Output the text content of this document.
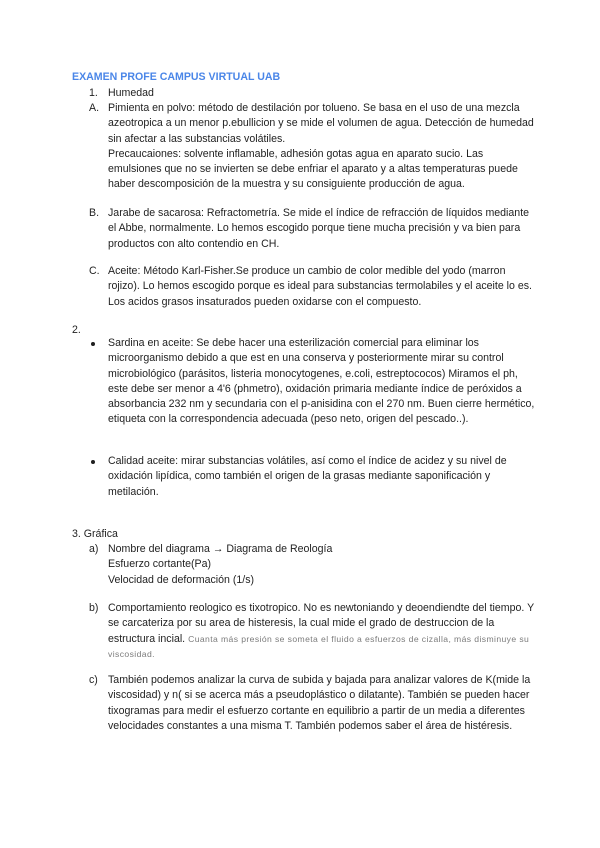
EXAMEN PROFE CAMPUS VIRTUAL UAB
1. Humedad
A. Pimienta en polvo: método de destilación por tolueno. Se basa en el uso de una mezcla azeotropica a un menor p.ebullicion y se mide el volumen de agua. Detección de humedad sin afectar a las substancias volátiles.

Precaucaiones: solvente inflamable, adhesión gotas agua en aparato sucio. Las emulsiones que no se invierten se debe enfriar el aparato y a altas temperaturas puede haber descomposición de la muestra y su consiguiente producción de agua.

B. Jarabe de sacarosa: Refractometría. Se mide el índice de refracción de líquidos mediante el Abbe, normalmente. Lo hemos escogido porque tiene mucha precisión y va bien para productos con alto contendio en CH.
C. Aceite: Método Karl-Fisher.Se produce un cambio de color medible del yodo (marron rojizo). Lo hemos escogido porque es ideal para substancias termolabiles y el aceite lo es. Los acidos grasos insaturados pueden oxidarse con el compuesto.
2.
Sardina en aceite: Se debe hacer una esterilización comercial para eliminar los microorganismo debido a que est en una conserva y posteriormente mirar su control microbiológico (parásitos, listeria monocytogenes, e.coli, estreptococos) Miramos el ph, este debe ser menor a 4'6 (phmetro), oxidación primaria mediante índice de peróxidos a absorbancia 232 nm y secundaria con el p-anisidina con el 270 nm. Buen cierre hermético, etiqueta con la correspondencia adecuada (peso neto, origen del pescado..).
Calidad aceite: mirar substancias volátiles, así como el índice de acidez y su nivel de oxidación lipídica, como también el origen de la grasas mediante saponificación y metilación.
3. Gráfica
a) Nombre del diagrama → Diagrama de Reología

Esfuerzo cortante(Pa)

Velocidad de deformación (1/s)

b) Comportamiento reologico es tixotropico. No es newtoniando y deoendiendte del tiempo. Y se carcateriza por su area de histeresis, la cual mide el grado de destruccion de la estructura incial. Cuanta más presión se someta el fluido a esfuerzos de cizalla, más disminuye su viscosidad.
c) También podemos analizar la curva de subida y bajada para analizar valores de K(mide la viscosidad) y n( si se acerca más a pseudoplástico o dilatante). También se pueden hacer tixogramas para medir el esfuerzo cortante en equilibrio a partir de un media a diferentes velocidades constantes a una misma T. También podemos saber el área de histéresis.
